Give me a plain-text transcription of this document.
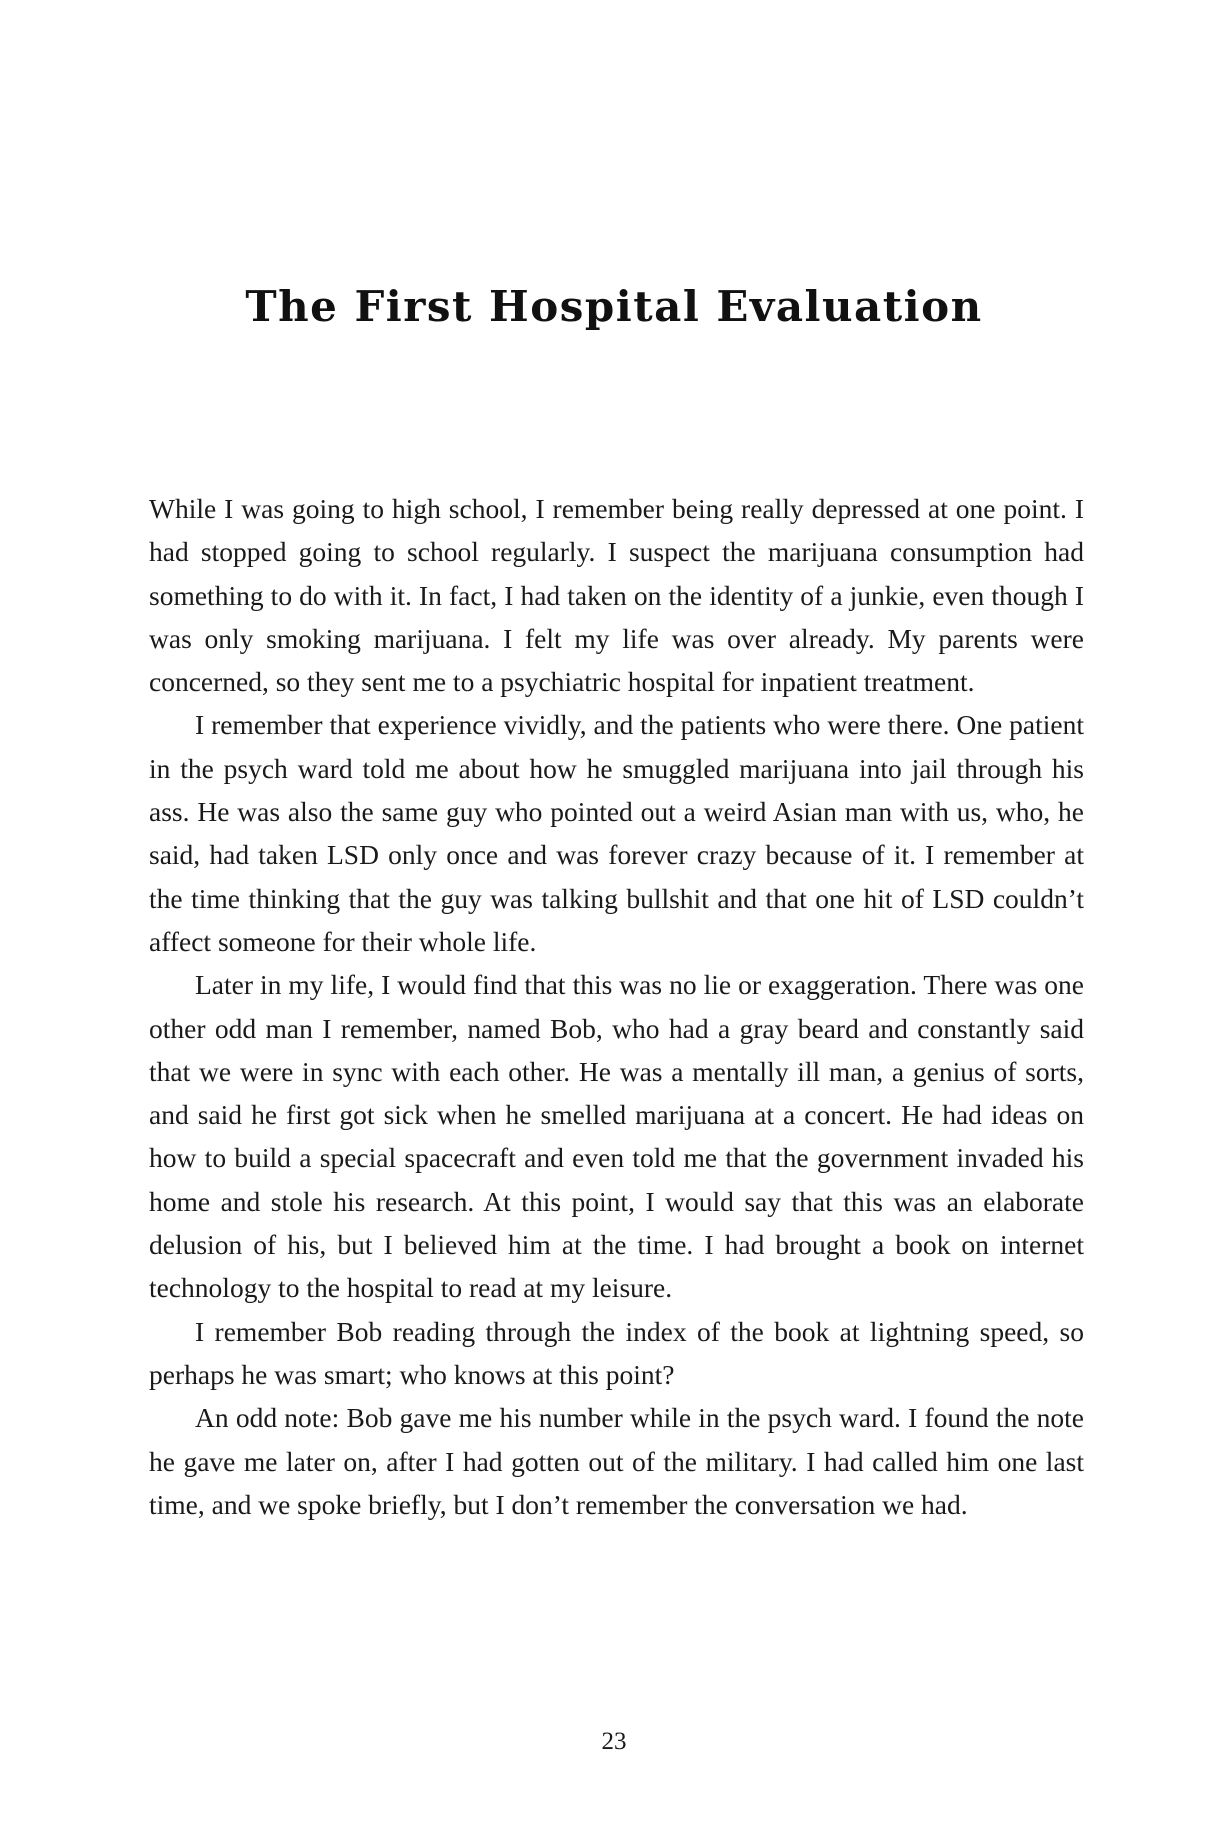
The First Hospital Evaluation

While I was going to high school, I remember being really depressed at one point. I had stopped going to school regularly. I suspect the marijuana consumption had something to do with it. In fact, I had taken on the identity of a junkie, even though I was only smoking marijuana. I felt my life was over already. My parents were concerned, so they sent me to a psychiatric hospital for inpatient treatment.

I remember that experience vividly, and the patients who were there. One patient in the psych ward told me about how he smuggled marijuana into jail through his ass. He was also the same guy who pointed out a weird Asian man with us, who, he said, had taken LSD only once and was forever crazy because of it. I remember at the time thinking that the guy was talking bullshit and that one hit of LSD couldn’t affect someone for their whole life.

Later in my life, I would find that this was no lie or exaggeration. There was one other odd man I remember, named Bob, who had a gray beard and constantly said that we were in sync with each other. He was a mentally ill man, a genius of sorts, and said he first got sick when he smelled marijuana at a concert. He had ideas on how to build a special spacecraft and even told me that the government invaded his home and stole his research. At this point, I would say that this was an elaborate delusion of his, but I believed him at the time. I had brought a book on internet technology to the hospital to read at my leisure.

I remember Bob reading through the index of the book at lightning speed, so perhaps he was smart; who knows at this point?

An odd note: Bob gave me his number while in the psych ward. I found the note he gave me later on, after I had gotten out of the military. I had called him one last time, and we spoke briefly, but I don’t remember the conversation we had.

23
